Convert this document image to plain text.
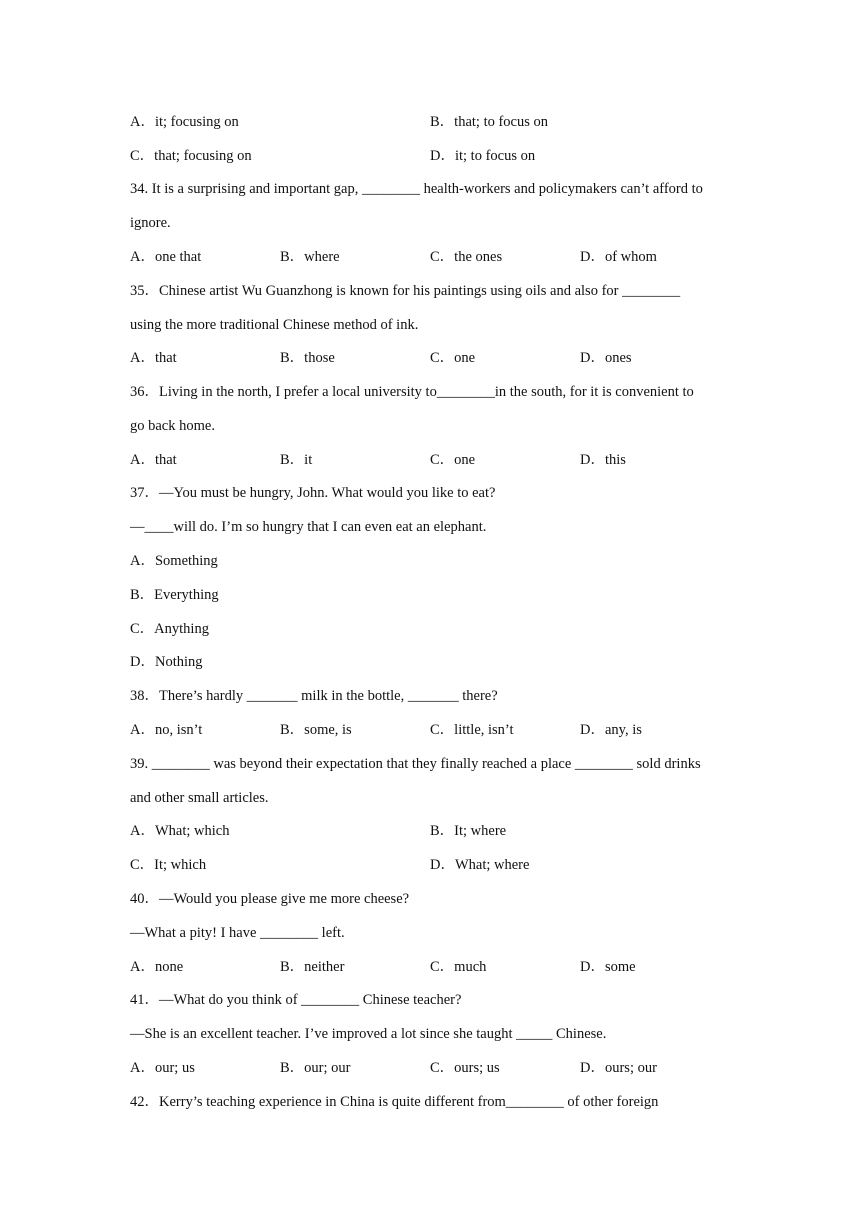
A．it; focusing on	B．that; to focus on
C．that; focusing on	D．it; to focus on
34. It is a surprising and important gap, ________ health-workers and policymakers can’t afford to
ignore.
A．one that	B．where	C．the ones	D．of whom
35．Chinese artist Wu Guanzhong is known for his paintings using oils and also for ________
using the more traditional Chinese method of ink.
A．that	B．those	C．one	D．ones
36．Living in the north, I prefer a local university to________in the south, for it is convenient to
go back home.
A．that	B．it	C．one	D．this
37．—You must be hungry, John. What would you like to eat?
—____will do. I’m so hungry that I can even eat an elephant.
A．Something
B．Everything
C．Anything
D．Nothing
38．There’s hardly _______ milk in the bottle, _______ there?
A．no, isn’t	B．some, is	C．little, isn’t	D．any, is
39. ________ was beyond their expectation that they finally reached a place ________ sold drinks
and other small articles.
A．What; which	B．It; where
C．It; which	D．What; where
40．—Would you please give me more cheese?
—What a pity! I have ________ left.
A．none	B．neither	C．much	D．some
41．—What do you think of ________ Chinese teacher?
—She is an excellent teacher. I’ve improved a lot since she taught _____ Chinese.
A．our; us	B．our; our	C．ours; us	D．ours; our
42．Kerry’s teaching experience in China is quite different from________ of other foreign
